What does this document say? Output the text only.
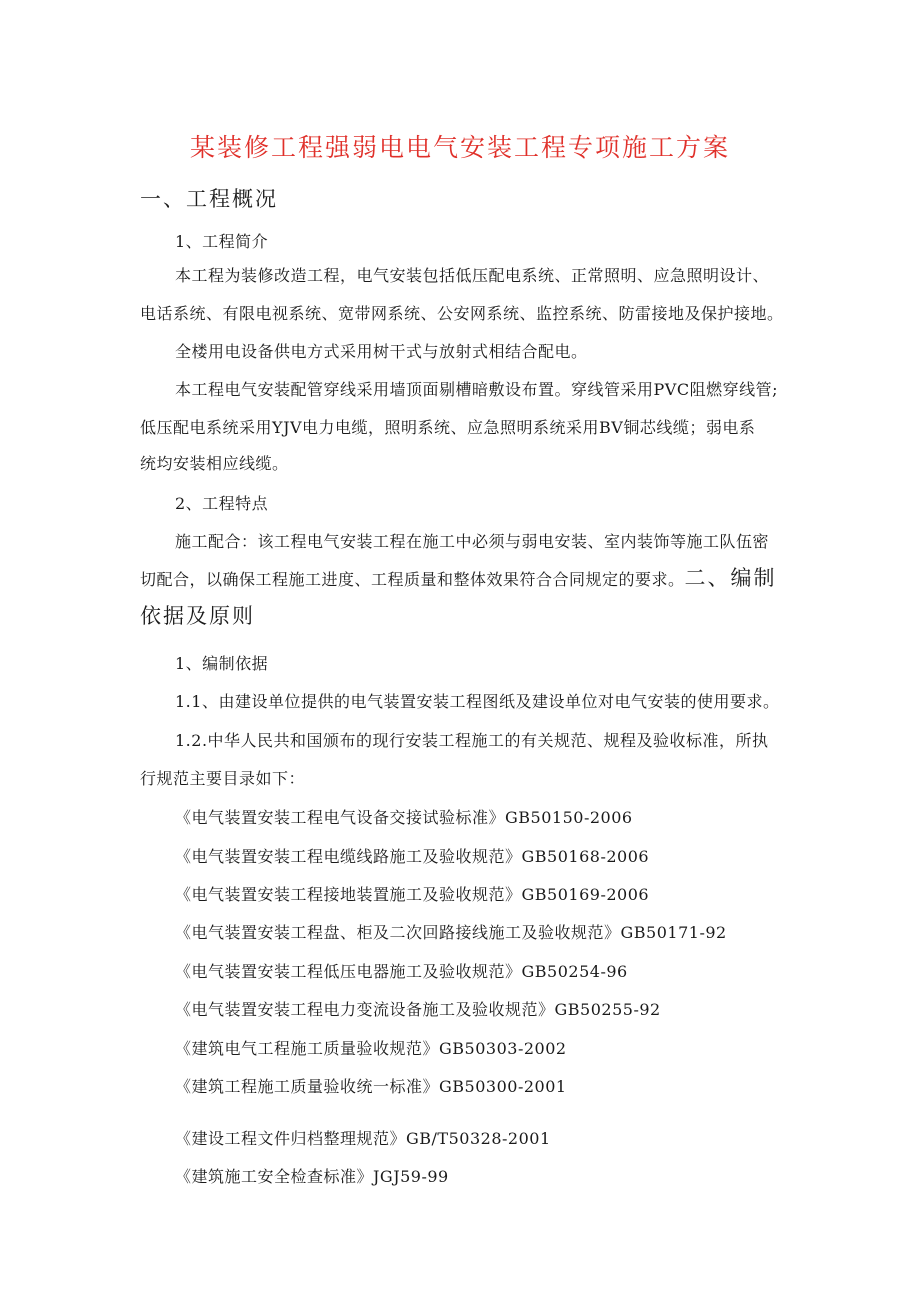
某装修工程强弱电电气安装工程专项施工方案
一、工程概况
1、工程简介
本工程为装修改造工程，电气安装包括低压配电系统、正常照明、应急照明设计、
电话系统、有限电视系统、宽带网系统、公安网系统、监控系统、防雷接地及保护接地。
全楼用电设备供电方式采用树干式与放射式相结合配电。
本工程电气安装配管穿线采用墙顶面剔槽暗敷设布置。穿线管采用PVC阻燃穿线管;
低压配电系统采用YJV电力电缆，照明系统、应急照明系统采用BV铜芯线缆；弱电系
统均安装相应线缆。
2、工程特点
施工配合：该工程电气安装工程在施工中必须与弱电安装、室内装饰等施工队伍密
切配合，以确保工程施工进度、工程质量和整体效果符合合同规定的要求。二、编制
依据及原则
1、编制依据
1.1、由建设单位提供的电气装置安装工程图纸及建设单位对电气安装的使用要求。
1.2.中华人民共和国颁布的现行安装工程施工的有关规范、规程及验收标准，所执
行规范主要目录如下：
《电气装置安装工程电气设备交接试验标准》GB50150-2006
《电气装置安装工程电缆线路施工及验收规范》GB50168-2006
《电气装置安装工程接地装置施工及验收规范》GB50169-2006
《电气装置安装工程盘、柜及二次回路接线施工及验收规范》GB50171-92
《电气装置安装工程低压电器施工及验收规范》GB50254-96
《电气装置安装工程电力变流设备施工及验收规范》GB50255-92
《建筑电气工程施工质量验收规范》GB50303-2002
《建筑工程施工质量验收统一标准》GB50300-2001
《建设工程文件归档整理规范》GB/T50328-2001
《建筑施工安全检查标准》JGJ59-99
